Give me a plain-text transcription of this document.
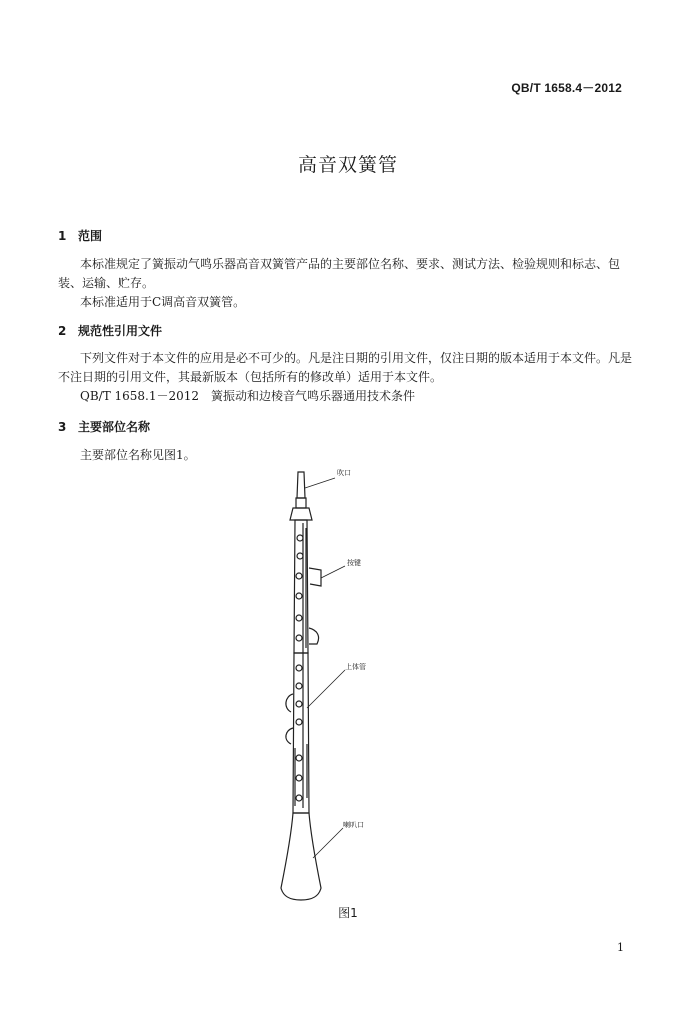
QB/T 1658.4－2012
高音双簧管
1 范围
本标准规定了簧振动气鸣乐器高音双簧管产品的主要部位名称、要求、测试方法、检验规则和标志、包装、运输、贮存。
本标准适用于C调高音双簧管。
2 规范性引用文件
下列文件对于本文件的应用是必不可少的。凡是注日期的引用文件，仅注日期的版本适用于本文件。凡是不注日期的引用文件，其最新版本（包括所有的修改单）适用于本文件。
QB/T 1658.1－2012　簧振动和边棱音气鸣乐器通用技术条件
3 主要部位名称
主要部位名称见图1。
吹口
按键
上体管
喇叭口
图1
1
